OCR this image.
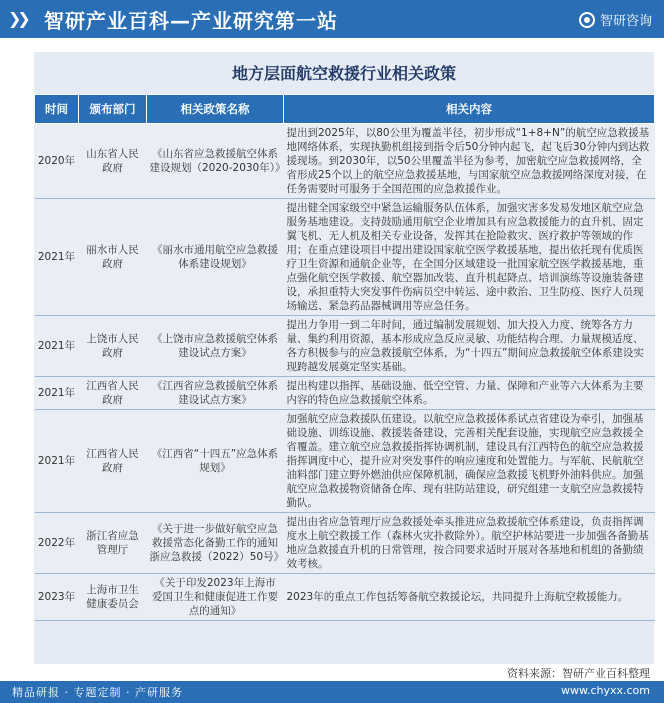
❯❯ 智研产业百科—产业研究第一站	智研咨询
地方层面航空救援行业相关政策
时间	颁布部门	相关政策名称	相关内容
2020年	山东省人民政府	《山东省应急救援航空体系建设规划（2020-2030年）》	提出到2025年，以80公里为覆盖半径，初步形成“1+8+N”的航空应急救援基地网络体系，实现执勤机组接到指令后50分钟内起飞，起飞后30分钟内到达救援现场。到2030年，以50公里覆盖半径为参考，加密航空应急救援网络，全省形成25个以上的航空应急救援基地，与国家航空应急救援网络深度对接，在任务需要时可服务于全国范围的应急救援作业。
2021年	丽水市人民政府	《丽水市通用航空应急救援体系建设规划》	提出健全国家级空中紧急运输服务队伍体系，加强灾害多发易发地区航空应急服务基地建设。支持鼓励通用航空企业增加具有应急救援能力的直升机、固定翼飞机、无人机及相关专业设备，发挥其在抢险救灾、医疗救护等领域的作用；在重点建设项目中提出建设国家航空医学救援基地，提出依托现有优质医疗卫生资源和通航企业等，在全国分区域建设一批国家航空医学救援基地，重点强化航空医学救援、航空器加改装、直升机起降点、培训演练等设施装备建设，承担重特大突发事件伤病员空中转运、途中救治、卫生防疫、医疗人员现场输送、紧急药品器械调用等应急任务。
2021年	上饶市人民政府	《上饶市应急救援航空体系建设试点方案》	提出力争用一到二年时间，通过编制发展规划、加大投入力度、统筹各方力量、集约利用资源，基本形成应急反应灵敏、功能结构合理、力量规模适度、各方积极参与的应急救援航空体系，为“十四五”期间应急救援航空体系建设实现跨越发展奠定坚实基础。
2021年	江西省人民政府	《江西省应急救援航空体系建设试点方案》	提出构建以指挥、基础设施、低空空管、力量、保障和产业等六大体系为主要内容的特色应急救援航空体系。
2021年	江西省人民政府	《江西省“十四五”应急体系规划》	加强航空应急救援队伍建设。以航空应急救援体系试点省建设为牵引，加强基础设施、训练设施、救援装备建设，完善相关配套设施，实现航空应急救援全省覆盖。建立航空应急救援指挥协调机制，建设具有江西特色的航空应急救援指挥调度中心，提升应对突发事件的响应速度和处置能力。与军航、民航航空油料部门建立野外燃油供应保障机制，确保应急救援飞机野外油料供应。加强航空应急救援物资储备仓库、现有驻防站建设，研究组建一支航空应急救援特勤队。
2022年	浙江省应急管理厅	《关于进一步做好航空应急救援常态化备勤工作的通知浙应急救援（2022）50号》	提出由省应急管理厅应急救援处牵头推进应急救援航空体系建设，负责指挥调度水上航空救援工作（森林火灾扑救除外）。航空护林站要进一步加强各备勤基地应急救援直升机的日常管理，按合同要求适时开展对各基地和机组的备勤绩效考核。
2023年	上海市卫生健康委员会	《关于印发2023年上海市爱国卫生和健康促进工作要点的通知》	2023年的重点工作包括筹备航空救援论坛，共同提升上海航空救援能力。
资料来源：智研产业百科整理
精品研报 · 专题定制 · 产研服务	www.chyxx.com
